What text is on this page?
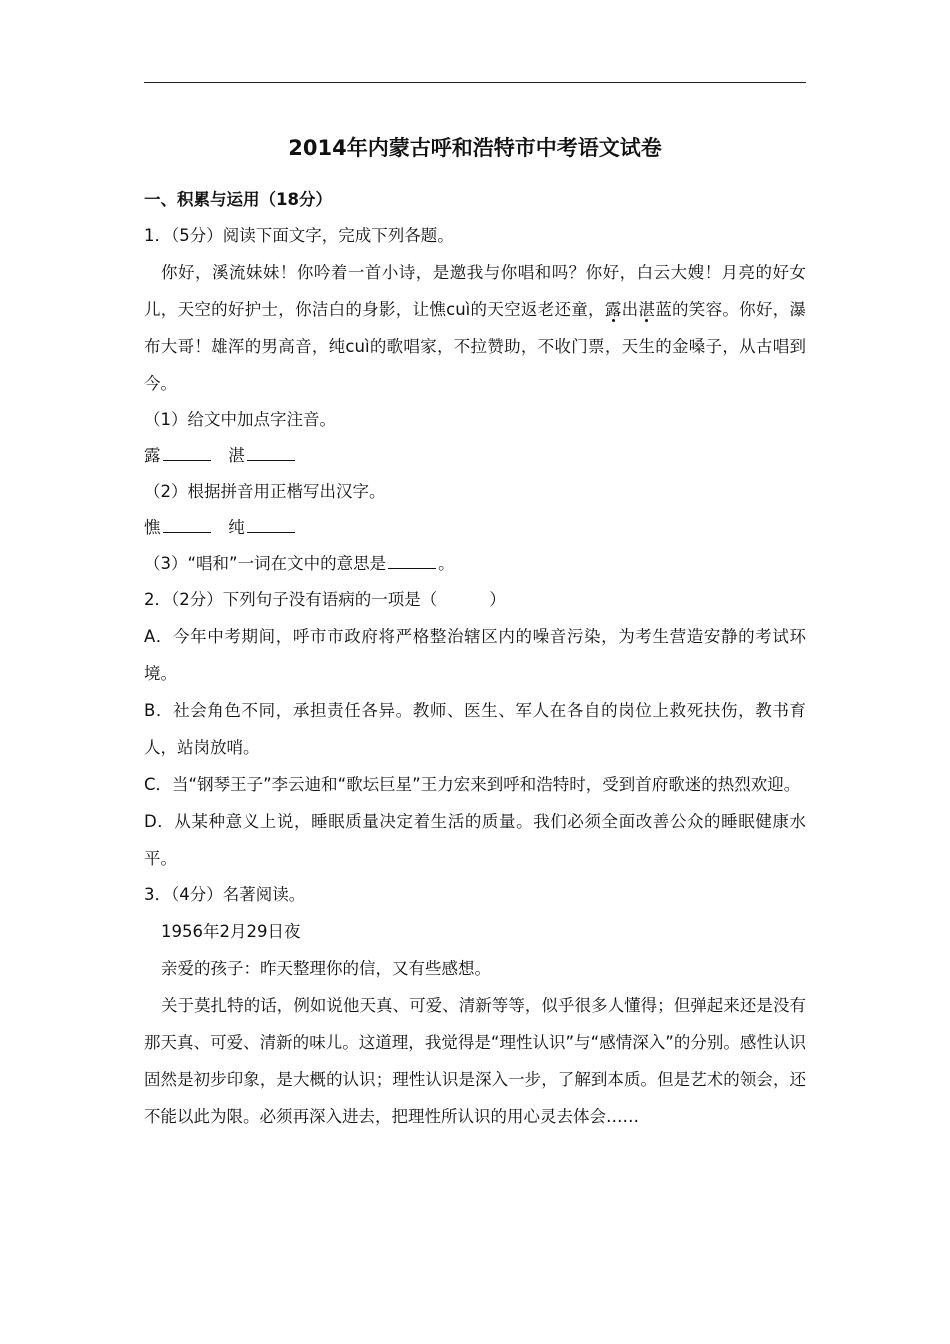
2014年内蒙古呼和浩特市中考语文试卷
一、积累与运用（18分）
1．（5分）阅读下面文字，完成下列各题。
你好，溪流妹妹！你吟着一首小诗，是邀我与你唱和吗？你好，白云大嫂！月亮的好女儿，天空的好护士，你洁白的身影，让憔cuì的天空返老还童，露出湛蓝的笑容。你好，瀑布大哥！雄浑的男高音，纯cuì的歌唱家，不拉赞助，不收门票，天生的金嗓子，从古唱到今。
（1）给文中加点字注音。
露	湛
（2）根据拼音用正楷写出汉字。
憔	纯
（3）“唱和”一词在文中的意思是	。
2．（2分）下列句子没有语病的一项是（	）
A．今年中考期间，呼市市政府将严格整治辖区内的噪音污染，为考生营造安静的考试环境。
B．社会角色不同，承担责任各异。教师、医生、军人在各自的岗位上救死扶伤，教书育人，站岗放哨。
C．当“钢琴王子”李云迪和“歌坛巨星”王力宏来到呼和浩特时，受到首府歌迷的热烈欢迎。
D．从某种意义上说，睡眠质量决定着生活的质量。我们必须全面改善公众的睡眠健康水平。
3．（4分）名著阅读。
1956年2月29日夜
亲爱的孩子：昨天整理你的信，又有些感想。
关于莫扎特的话，例如说他天真、可爱、清新等等，似乎很多人懂得；但弹起来还是没有那天真、可爱、清新的味儿。这道理，我觉得是“理性认识”与“感情深入”的分别。感性认识固然是初步印象，是大概的认识；理性认识是深入一步，了解到本质。但是艺术的领会，还不能以此为限。必须再深入进去，把理性所认识的用心灵去体会……
